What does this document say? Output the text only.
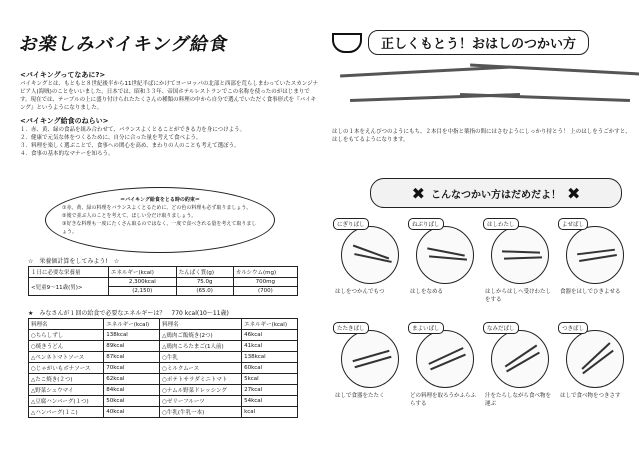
お楽しみバイキング給食
<バイキングってなあに?>
バイキングとは、もともと８世紀後半から11世紀半ばにかけてヨーロッパの北部と西部を荒らしまわっていたスカンジナビア人(海賊)のことをいいました。日本では、昭和３３年、帝国ホテルレストランでこの名称を使ったのがはじまりです。現在では、テーブルの上に盛り付けられたたくさんの種類の料理の中から自分で選んでいただく食事形式を『バイキング』というようになりました。
<バイキング給食のねらい>
１．赤、黄、緑の食品を組み合わせて、バランスよくとることができる力を身につけよう。
２．健康で元気な体をつくるために、自分に合った量を考えて食べよう。
３．料理を楽しく選ぶことで、食事への関心を高め、まわりの人のことも考えて選ぼう。
４．食事の基本的なマナーを知ろう。
＝バイキング給食をとる時の約束＝
①赤、黄、緑の料理をバランスよくとるために、どの色の料理も必ず取りましょう。
②後で並ぶ人のことを考えて、ほしい分だけ取りましょう。
③好きな料理も一度にたくさん取るのではなく、一度で食べきれる量を考えて取りましょう。
☆　栄養価計算をしてみよう!　☆
１日に必要な栄養量	エネルギー(kcal)	たんぱく質(g)	カルシウム(mg)
<児童9〜11歳(男)>	2,300kcal	75.0g	700mg
	(2,150)	(65.0)	(700)
★　みなさんが１回の給食で必要なエネルギーは？　770 kcal(10〜11歳)
料理名	エネルギー(kcal)	料理名	エネルギー(kcal)
○ちらしずし	138kcal	△鶏肉ご飯焼き(2つ)	46kcal
○焼きうどん	89kcal	△鶏肉ころたまご(1人前)	41kcal
△ペンネトマトソース	87kcal	○牛乳	138kcal
○じゃがいもボナソース	70kcal	○ミルクムース	60kcal
△たこ焼き(２つ)	62kcal	○ポテトサラダミニトマト	5kcal
△野菜シュウマイ	84kcal	○ナムル野菜ドレッシング	27kcal
△豆腐ハンバーグ(１つ)	50kcal	○ゼリーフルーツ	54kcal
△ハンバーグ(１こ)	40kcal	○牛乳(牛乳一本)	kcal
正しくもとう！おはしのつかい方
はしの１本をえんぴつのようにもち、２本目を中指と薬指の間にはさむようにしっかり持とう！ 上のはしをうごかすと、はしをもてるようになります。
✖ こんなつかい方はだめだよ！ ✖
にぎりばし
はしをつかんでもつ
ねぶりばし
はしをなめる
はしわたし
はしからはしへ受けわたしをする
よせばし
食器をはしでひきよせる
たたきばし
はしで食器をたたく
まよいばし
どの料理を取ろうかふらふらする
なみだばし
汁をたらしながら食べ物を運ぶ
つきばし
はしで食べ物をつきさす
